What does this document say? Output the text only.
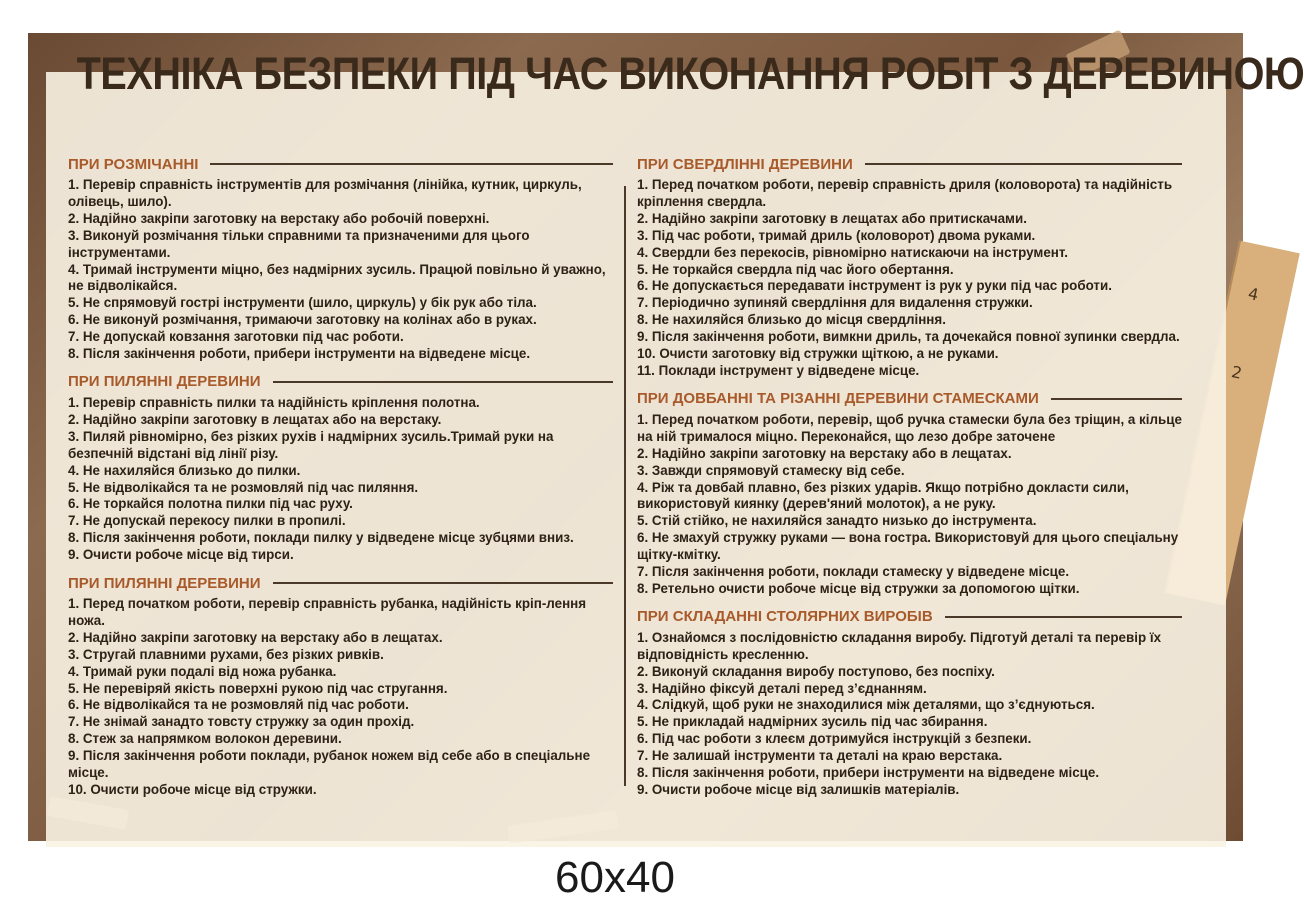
4
2
ТЕХНІКА БЕЗПЕКИ ПІД ЧАС ВИКОНАННЯ РОБІТ З ДЕРЕВИНОЮ
ПРИ РОЗМІЧАННІ
1. Перевір справність інструментів для розмічання (лінійка, кутник, циркуль, олівець, шило).
2. Надійно закріпи заготовку на верстаку або робочій поверхні.
3. Виконуй розмічання тільки справними та призначеними для цього інструментами.
4. Тримай інструменти міцно, без надмірних зусиль. Працюй повільно й уважно, не відволікайся.
5. Не спрямовуй гострі інструменти (шило, циркуль) у бік рук або тіла.
6. Не виконуй розмічання, тримаючи заготовку на колінах або в руках.
7. Не допускай ковзання заготовки під час роботи.
8. Після закінчення роботи, прибери інструменти на відведене місце.
ПРИ ПИЛЯННІ ДЕРЕВИНИ
1. Перевір справність пилки та надійність кріплення полотна.
2. Надійно закріпи заготовку в лещатах або на верстаку.
3. Пиляй рівномірно, без різких рухів і надмірних зусиль.Тримай руки на безпечній відстані від лінії різу.
4. Не нахиляйся близько до пилки.
5. Не відволікайся та не розмовляй під час пиляння.
6. Не торкайся полотна пилки під час руху.
7. Не допускай перекосу пилки в пропилі.
8. Після закінчення роботи, поклади пилку у відведене місце зубцями вниз.
9. Очисти робоче місце від тирси.
ПРИ ПИЛЯННІ ДЕРЕВИНИ
1. Перед початком роботи, перевір справність рубанка, надійність кріп-лення ножа.
2. Надійно закріпи заготовку на верстаку або в лещатах.
3. Стругай плавними рухами, без різких ривків.
4. Тримай руки подалі від ножа рубанка.
5. Не перевіряй якість поверхні рукою під час стругання.
6. Не відволікайся та не розмовляй під час роботи.
7. Не знімай занадто товсту стружку за один прохід.
8. Стеж за напрямком волокон деревини.
9. Після закінчення роботи поклади, рубанок ножем від себе або в спеціальне місце.
10. Очисти робоче місце від стружки.
ПРИ СВЕРДЛІННІ ДЕРЕВИНИ
1. Перед початком роботи, перевір справність дриля (коловорота) та надійність кріплення свердла.
2. Надійно закріпи заготовку в лещатах або притискачами.
3. Під час роботи, тримай дриль (коловорот) двома руками.
4. Свердли без перекосів, рівномірно натискаючи на інструмент.
5. Не торкайся свердла під час його обертання.
6. Не допускається передавати інструмент із рук у руки під час роботи.
7. Періодично зупиняй свердління для видалення стружки.
8. Не нахиляйся близько до місця свердління.
9. Після закінчення роботи, вимкни дриль, та дочекайся повної зупинки свердла.
10. Очисти заготовку від стружки щіткою, а не руками.
11. Поклади інструмент у відведене місце.
ПРИ ДОВБАННІ ТА РІЗАННІ ДЕРЕВИНИ СТАМЕСКАМИ
1. Перед початком роботи, перевір, щоб ручка стамески була без тріщин, а кільце на ній трималося міцно. Переконайся, що лезо добре заточене
2. Надійно закріпи заготовку на верстаку або в лещатах.
3. Завжди спрямовуй стамеску від себе.
4. Ріж та довбай плавно, без різких ударів. Якщо потрібно докласти сили, використовуй киянку (дерев'яний молоток), а не руку.
5. Стій стійко, не нахиляйся занадто низько до інструмента.
6. Не змахуй стружку руками — вона гостра. Використовуй для цього спеціальну щітку-кмітку.
7. Після закінчення роботи, поклади стамеску у відведене місце.
8. Ретельно очисти робоче місце від стружки за допомогою щітки.
ПРИ СКЛАДАННІ СТОЛЯРНИХ ВИРОБІВ
1. Ознайомся з послідовністю складання виробу. Підготуй деталі та перевір їх відповідність кресленню.
2. Виконуй складання виробу поступово, без поспіху.
3. Надійно фіксуй деталі перед з’єднанням.
4. Слідкуй, щоб руки не знаходилися між деталями, що з’єднуються.
5. Не прикладай надмірних зусиль під час збирання.
6. Під час роботи з клеєм дотримуйся інструкцій з безпеки.
7. Не залишай інструменти та деталі на краю верстака.
8. Після закінчення роботи, прибери інструменти на відведене місце.
9. Очисти робоче місце від залишків матеріалів.
60x40
